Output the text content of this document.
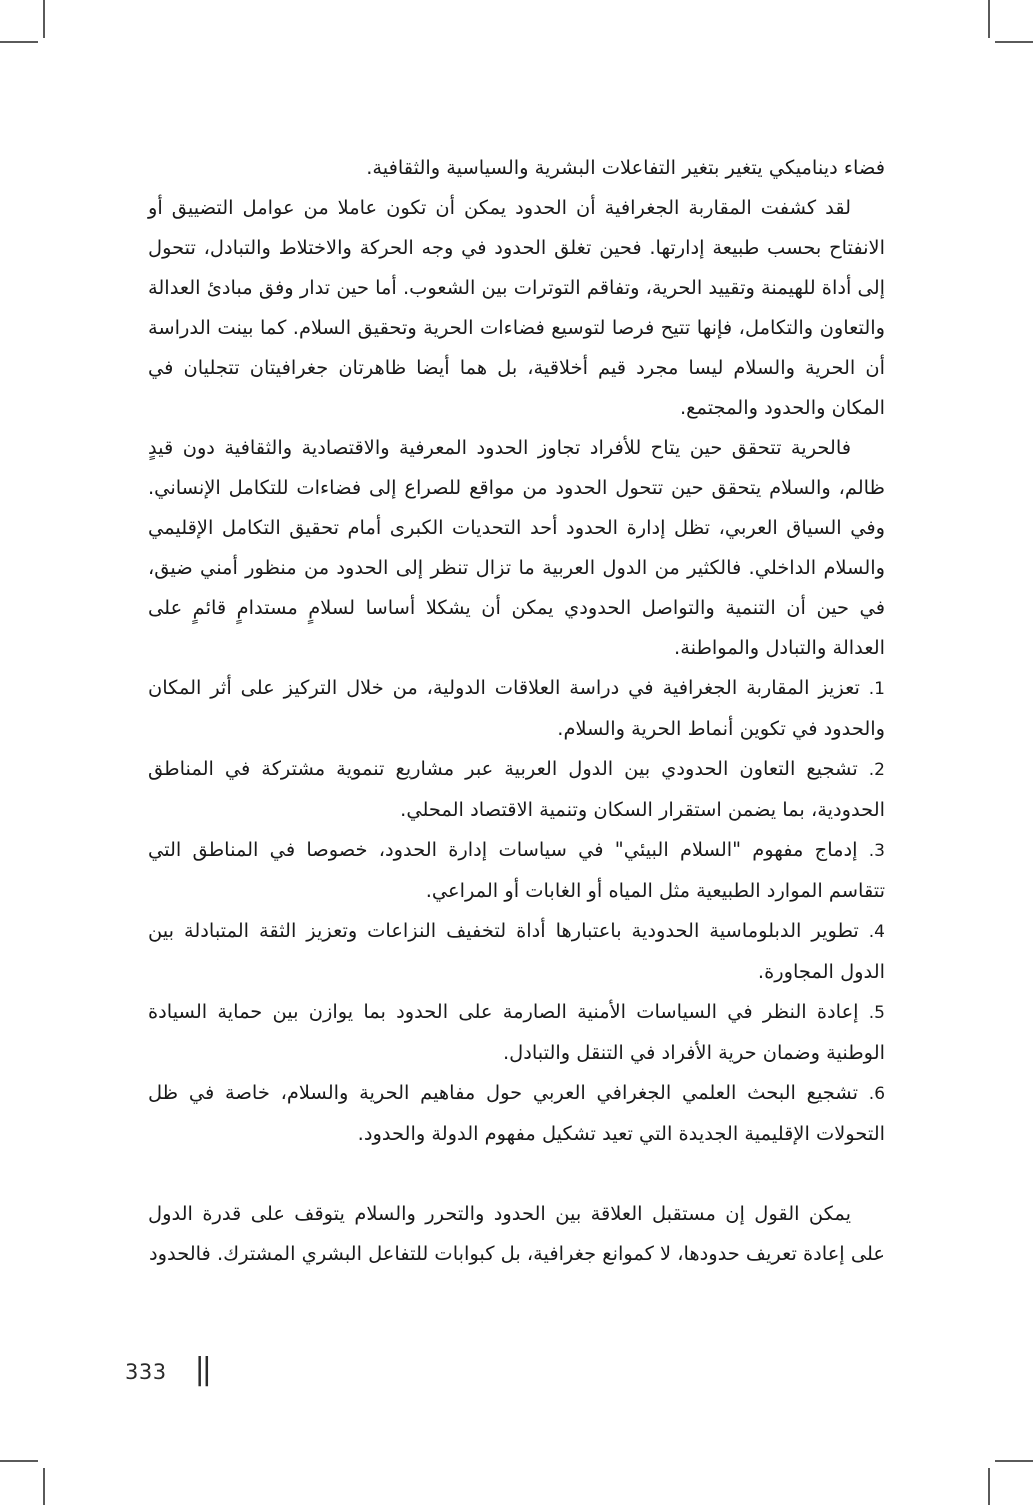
فضاء ديناميكي يتغير بتغير التفاعلات البشرية والسياسية والثقافية.

لقد كشفت المقاربة الجغرافية أن الحدود يمكن أن تكون عاملا من عوامل التضييق أو الانفتاح بحسب طبيعة إدارتها. فحين تغلق الحدود في وجه الحركة والاختلاط والتبادل، تتحول إلى أداة للهيمنة وتقييد الحرية، وتفاقم التوترات بين الشعوب. أما حين تدار وفق مبادئ العدالة والتعاون والتكامل، فإنها تتيح فرصا لتوسيع فضاءات الحرية وتحقيق السلام. كما بينت الدراسة أن الحرية والسلام ليسا مجرد قيم أخلاقية، بل هما أيضا ظاهرتان جغرافيتان تتجليان في المكان والحدود والمجتمع.

فالحرية تتحقق حين يتاح للأفراد تجاوز الحدود المعرفية والاقتصادية والثقافية دون قيدٍ ظالم، والسلام يتحقق حين تتحول الحدود من مواقع للصراع إلى فضاءات للتكامل الإنساني. وفي السياق العربي، تظل إدارة الحدود أحد التحديات الكبرى أمام تحقيق التكامل الإقليمي والسلام الداخلي. فالكثير من الدول العربية ما تزال تنظر إلى الحدود من منظور أمني ضيق، في حين أن التنمية والتواصل الحدودي يمكن أن يشكلا أساسا لسلامٍ مستدامٍ قائمٍ على العدالة والتبادل والمواطنة.

1. تعزيز المقاربة الجغرافية في دراسة العلاقات الدولية، من خلال التركيز على أثر المكان والحدود في تكوين أنماط الحرية والسلام.
2. تشجيع التعاون الحدودي بين الدول العربية عبر مشاريع تنموية مشتركة في المناطق الحدودية، بما يضمن استقرار السكان وتنمية الاقتصاد المحلي.
3. إدماج مفهوم "السلام البيئي" في سياسات إدارة الحدود، خصوصا في المناطق التي تتقاسم الموارد الطبيعية مثل المياه أو الغابات أو المراعي.
4. تطوير الدبلوماسية الحدودية باعتبارها أداة لتخفيف النزاعات وتعزيز الثقة المتبادلة بين الدول المجاورة.
5. إعادة النظر في السياسات الأمنية الصارمة على الحدود بما يوازن بين حماية السيادة الوطنية وضمان حرية الأفراد في التنقل والتبادل.
6. تشجيع البحث العلمي الجغرافي العربي حول مفاهيم الحرية والسلام، خاصة في ظل التحولات الإقليمية الجديدة التي تعيد تشكيل مفهوم الدولة والحدود.

يمكن القول إن مستقبل العلاقة بين الحدود والتحرر والسلام يتوقف على قدرة الدول على إعادة تعريف حدودها، لا كموانع جغرافية، بل كبوابات للتفاعل البشري المشترك. فالحدود

333 ||
